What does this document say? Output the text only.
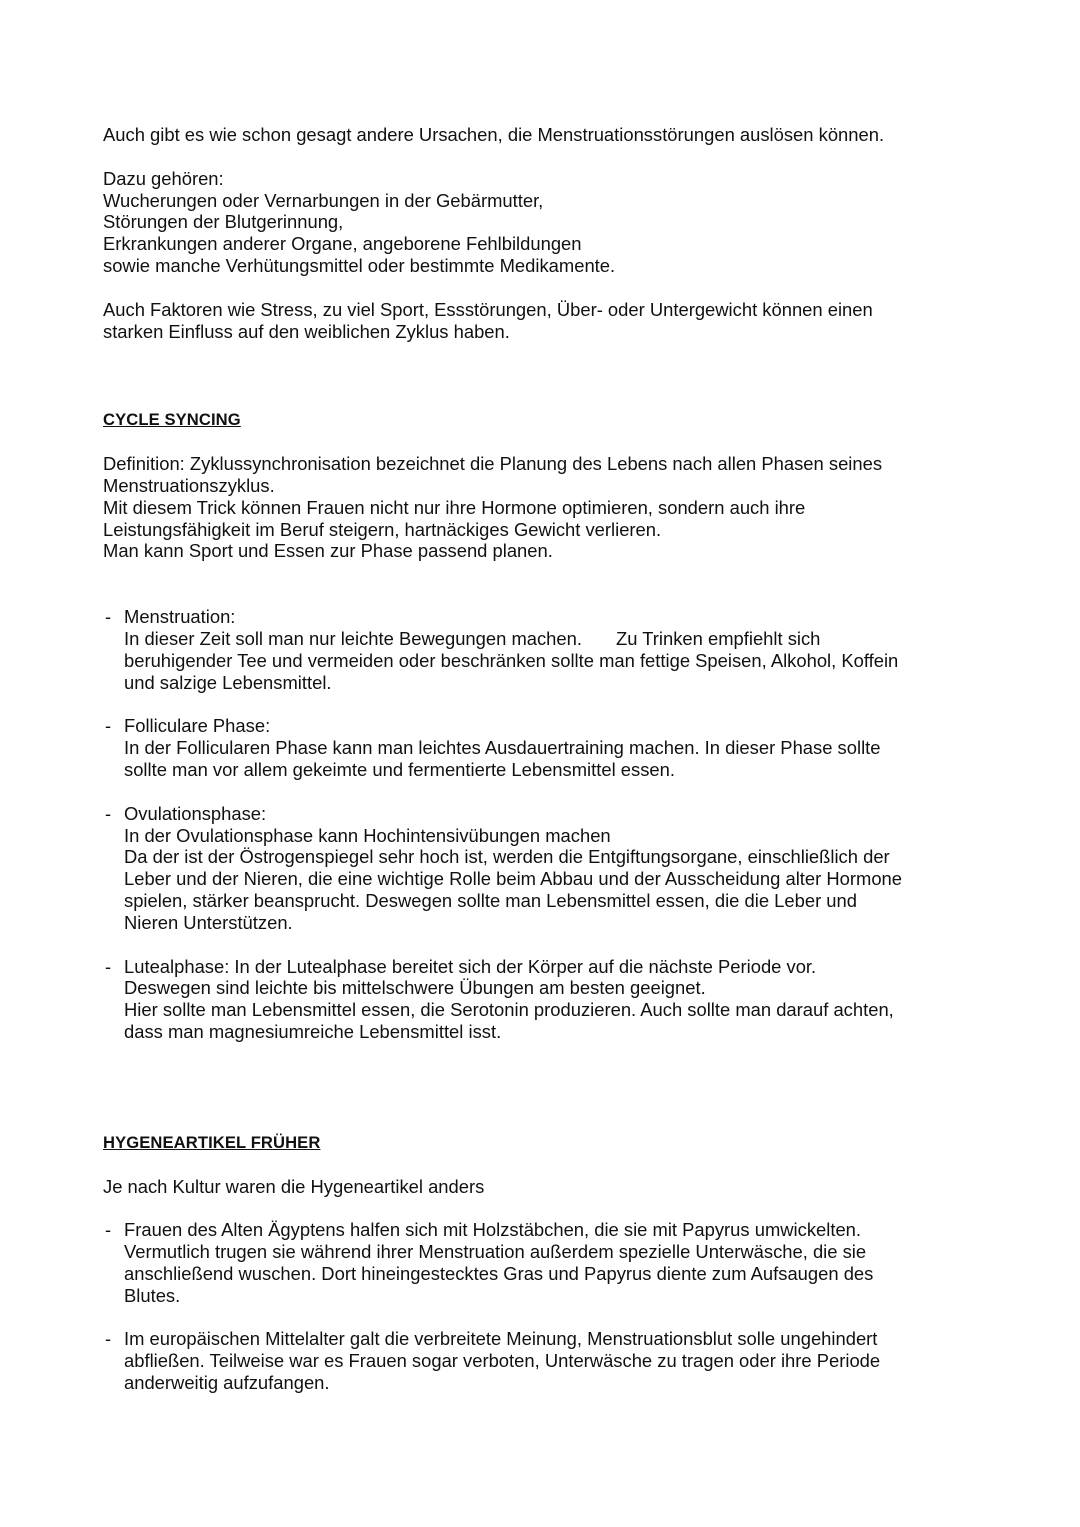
Auch gibt es wie schon gesagt andere Ursachen, die Menstruationsstörungen auslösen können.

Dazu gehören:
Wucherungen oder Vernarbungen in der Gebärmutter,
Störungen der Blutgerinnung,
Erkrankungen anderer Organe, angeborene Fehlbildungen
sowie manche Verhütungsmittel oder bestimmte Medikamente.

Auch Faktoren wie Stress, zu viel Sport, Essstörungen, Über- oder Untergewicht können einen
starken Einfluss auf den weiblichen Zyklus haben.

CYCLE SYNCING

Definition: Zyklussynchronisation bezeichnet die Planung des Lebens nach allen Phasen seines
Menstruationszyklus.
Mit diesem Trick können Frauen nicht nur ihre Hormone optimieren, sondern auch ihre
Leistungsfähigkeit im Beruf steigern, hartnäckiges Gewicht verlieren.
Man kann Sport und Essen zur Phase passend planen.

- Menstruation:
In dieser Zeit soll man nur leichte Bewegungen machen. Zu Trinken empfiehlt sich
beruhigender Tee und vermeiden oder beschränken sollte man fettige Speisen, Alkohol, Koffein
und salzige Lebensmittel.
- Folliculare Phase:
In der Follicularen Phase kann man leichtes Ausdauertraining machen. In dieser Phase sollte
sollte man vor allem gekeimte und fermentierte Lebensmittel essen.
- Ovulationsphase:
In der Ovulationsphase kann Hochintensivübungen machen
Da der ist der Östrogenspiegel sehr hoch ist, werden die Entgiftungsorgane, einschließlich der
Leber und der Nieren, die eine wichtige Rolle beim Abbau und der Ausscheidung alter Hormone
spielen, stärker beansprucht. Deswegen sollte man Lebensmittel essen, die die Leber und
Nieren Unterstützen.
- Lutealphase: In der Lutealphase bereitet sich der Körper auf die nächste Periode vor.
Deswegen sind leichte bis mittelschwere Übungen am besten geeignet.
Hier sollte man Lebensmittel essen, die Serotonin produzieren. Auch sollte man darauf achten,
dass man magnesiumreiche Lebensmittel isst.
HYGENEARTIKEL FRÜHER

Je nach Kultur waren die Hygeneartikel anders

- Frauen des Alten Ägyptens halfen sich mit Holzstäbchen, die sie mit Papyrus umwickelten.
Vermutlich trugen sie während ihrer Menstruation außerdem spezielle Unterwäsche, die sie
anschließend wuschen. Dort hineingestecktes Gras und Papyrus diente zum Aufsaugen des
Blutes.
- Im europäischen Mittelalter galt die verbreitete Meinung, Menstruationsblut solle ungehindert
abfließen. Teilweise war es Frauen sogar verboten, Unterwäsche zu tragen oder ihre Periode
anderweitig aufzufangen.
